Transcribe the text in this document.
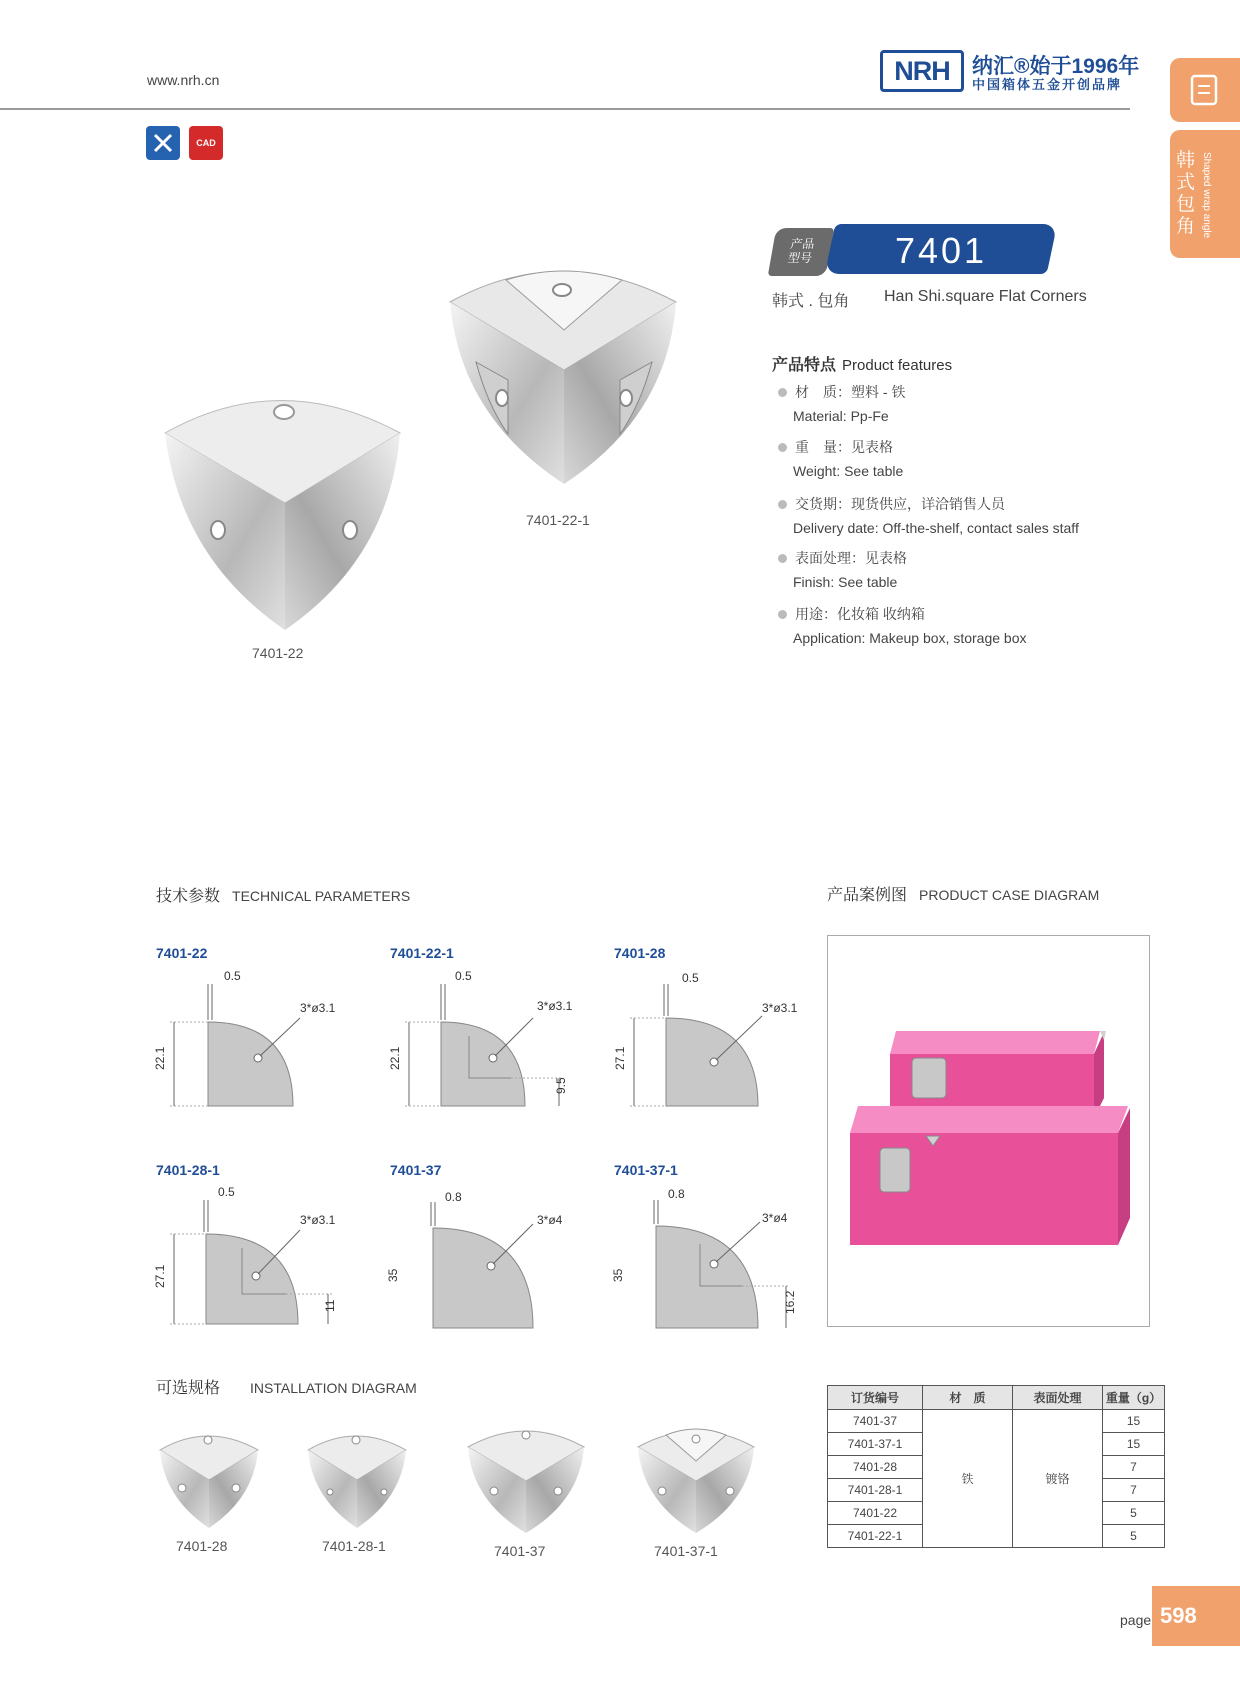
www.nrh.cn	NRH	纳汇®始于1996年
中国箱体五金开创品牌
韩式包角 Shaped wrap angle
CAD
7401-22
7401-22-1
产品型号	7401
韩式 . 包角 Han Shi.square Flat Corners
产品特点 Product features
材　质：塑料 - 铁
Material: Pp-Fe
重　量：见表格
Weight: See table
交货期：现货供应，详洽销售人员
Delivery date: Off-the-shelf, contact sales staff
表面处理：见表格
Finish: See table
用途：化妆箱 收纳箱
Application: Makeup box, storage box
技术参数 TECHNICAL PARAMETERS
7401-22
0.5
3*ø3.1
22.1
7401-22-1
0.5
3*ø3.1
22.1
9.5
7401-28
0.5
3*ø3.1
27.1
7401-28-1
0.5
3*ø3.1
27.1
11
7401-37
0.8
3*ø4
35
7401-37-1
0.8
3*ø4
35
16.2
产品案例图 PRODUCT CASE DIAGRAM
可选规格 INSTALLATION DIAGRAM
7401-28	7401-28-1	7401-37	7401-37-1
订货编号	材　质	表面处理	重量（g）
7401-37	铁	镀铬	15
7401-37-1			15
7401-28			7
7401-28-1			7
7401-22			5
7401-22-1			5
page 598
